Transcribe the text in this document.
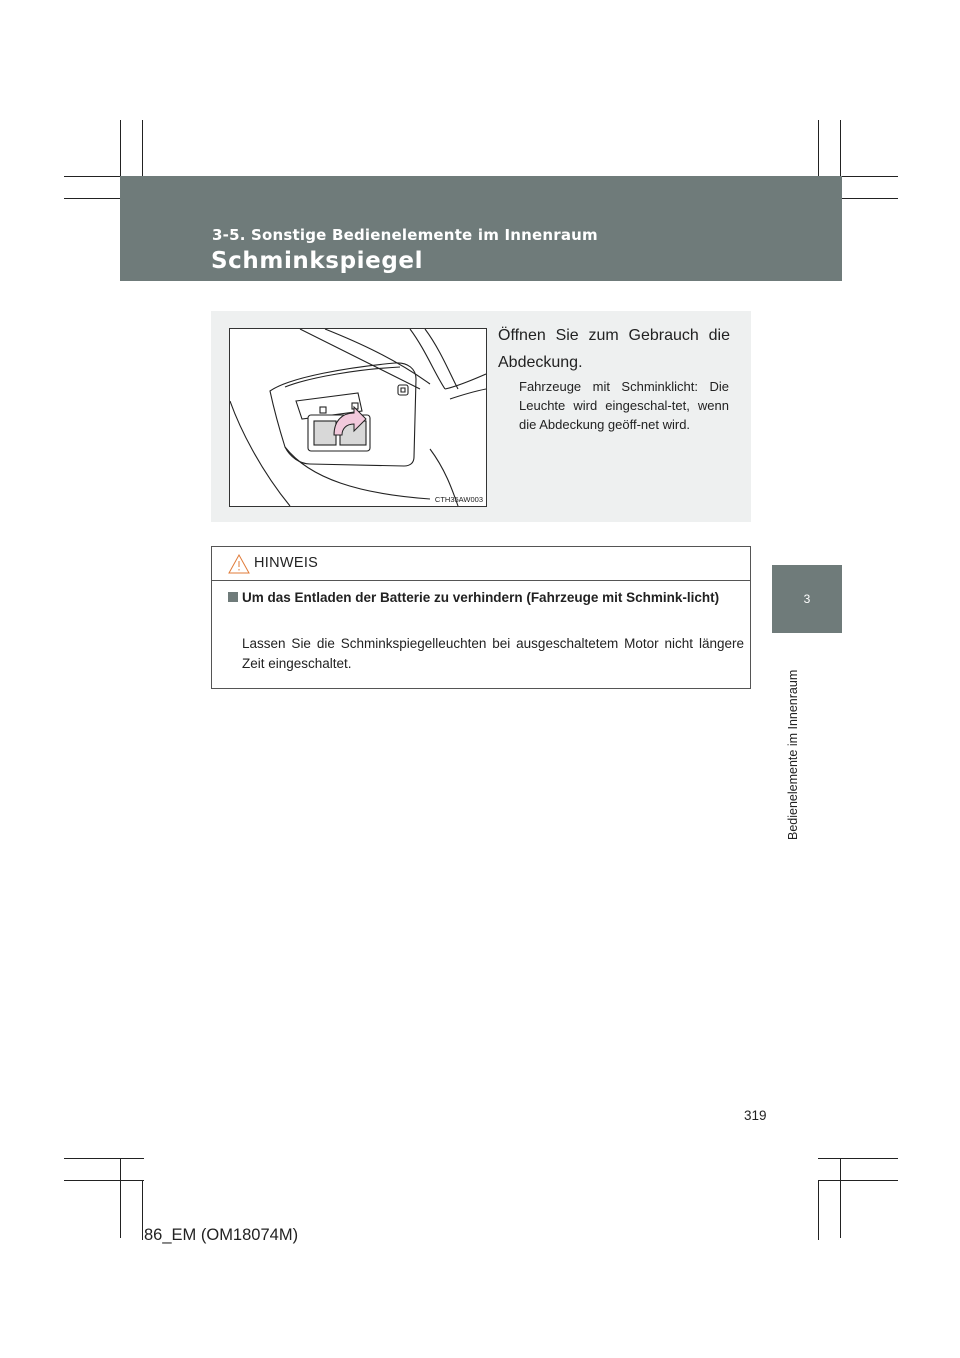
3-5. Sonstige Bedienelemente im Innenraum
Schminkspiegel
3
Bedienelemente im Innenraum
CTH35AW003
Öffnen Sie zum Gebrauch die Abdeckung.
Fahrzeuge mit Schminklicht: Die Leuchte wird eingeschal-tet, wenn die Abdeckung geöff-net wird.
HINWEIS
Um das Entladen der Batterie zu verhindern (Fahrzeuge mit Schmink-licht)
Lassen Sie die Schminkspiegelleuchten bei ausgeschaltetem Motor nicht längere Zeit eingeschaltet.
319
86_EM (OM18074M)
